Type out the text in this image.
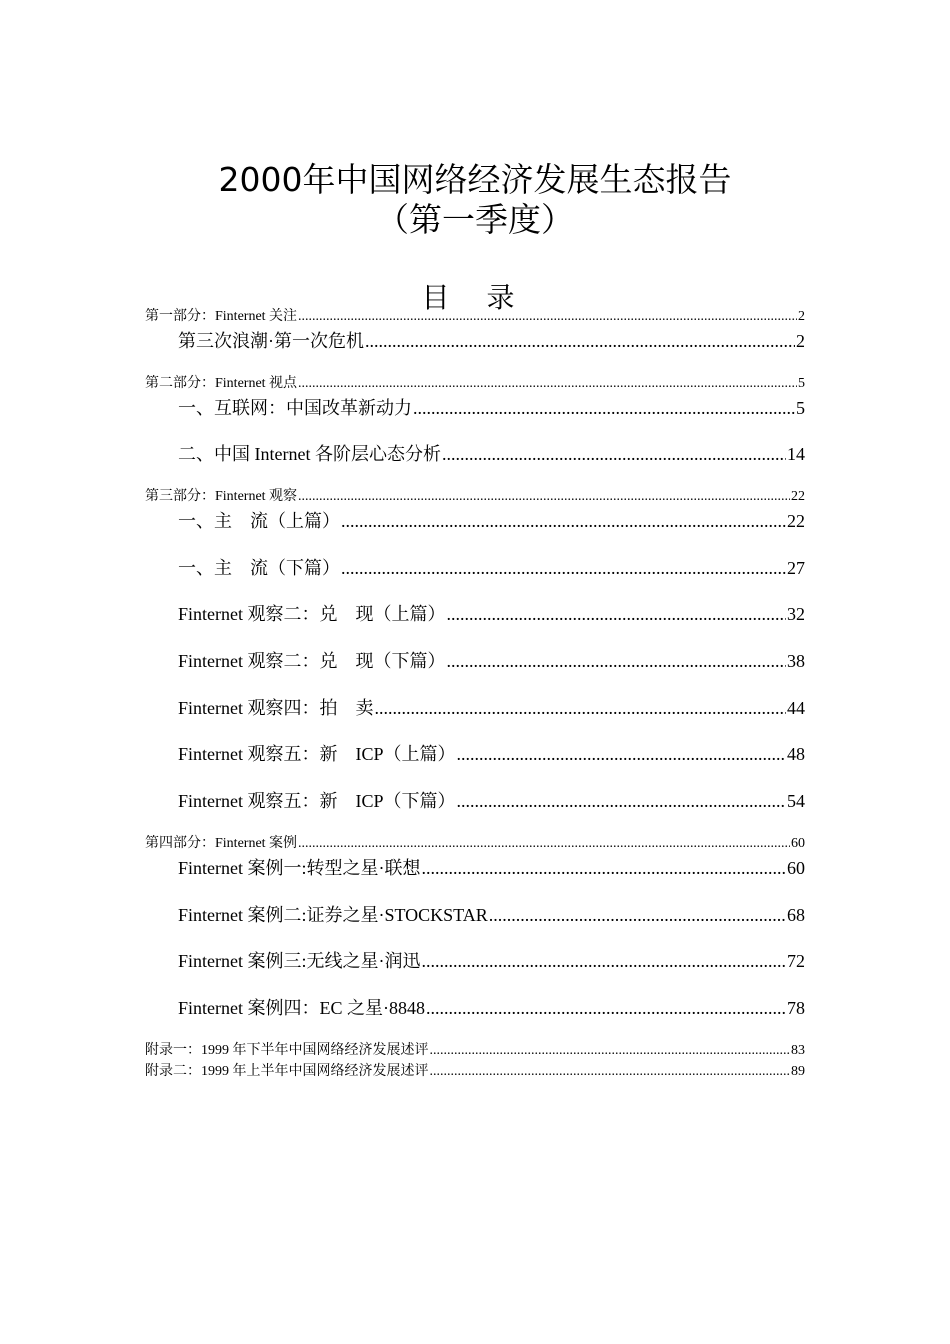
2000年中国网络经济发展生态报告
（第一季度）
目 录
第一部分：Finternet 关注 .....	2
第三次浪潮·第一次危机 .....	2
第二部分：Finternet 视点 .....	5
一、互联网：中国改革新动力 .....	5
二、中国 Internet 各阶层心态分析 .....	14
第三部分：Finternet 观察 .....	22
一、主　流（上篇） .....	22
一、主　流（下篇） .....	27
Finternet 观察二：兑　现（上篇） .....	32
Finternet 观察二：兑　现（下篇） .....	38
Finternet 观察四：拍　卖 .....	44
Finternet 观察五：新　ICP（上篇） .....	48
Finternet 观察五：新　ICP（下篇） .....	54
第四部分：Finternet 案例 .....	60
Finternet 案例一:转型之星·联想 .....	60
Finternet 案例二:证券之星·STOCKSTAR .....	68
Finternet 案例三:无线之星·润迅 .....	72
Finternet 案例四：EC 之星·8848 .....	78
附录一：1999 年下半年中国网络经济发展述评 .....	83
附录二：1999 年上半年中国网络经济发展述评 .....	89
